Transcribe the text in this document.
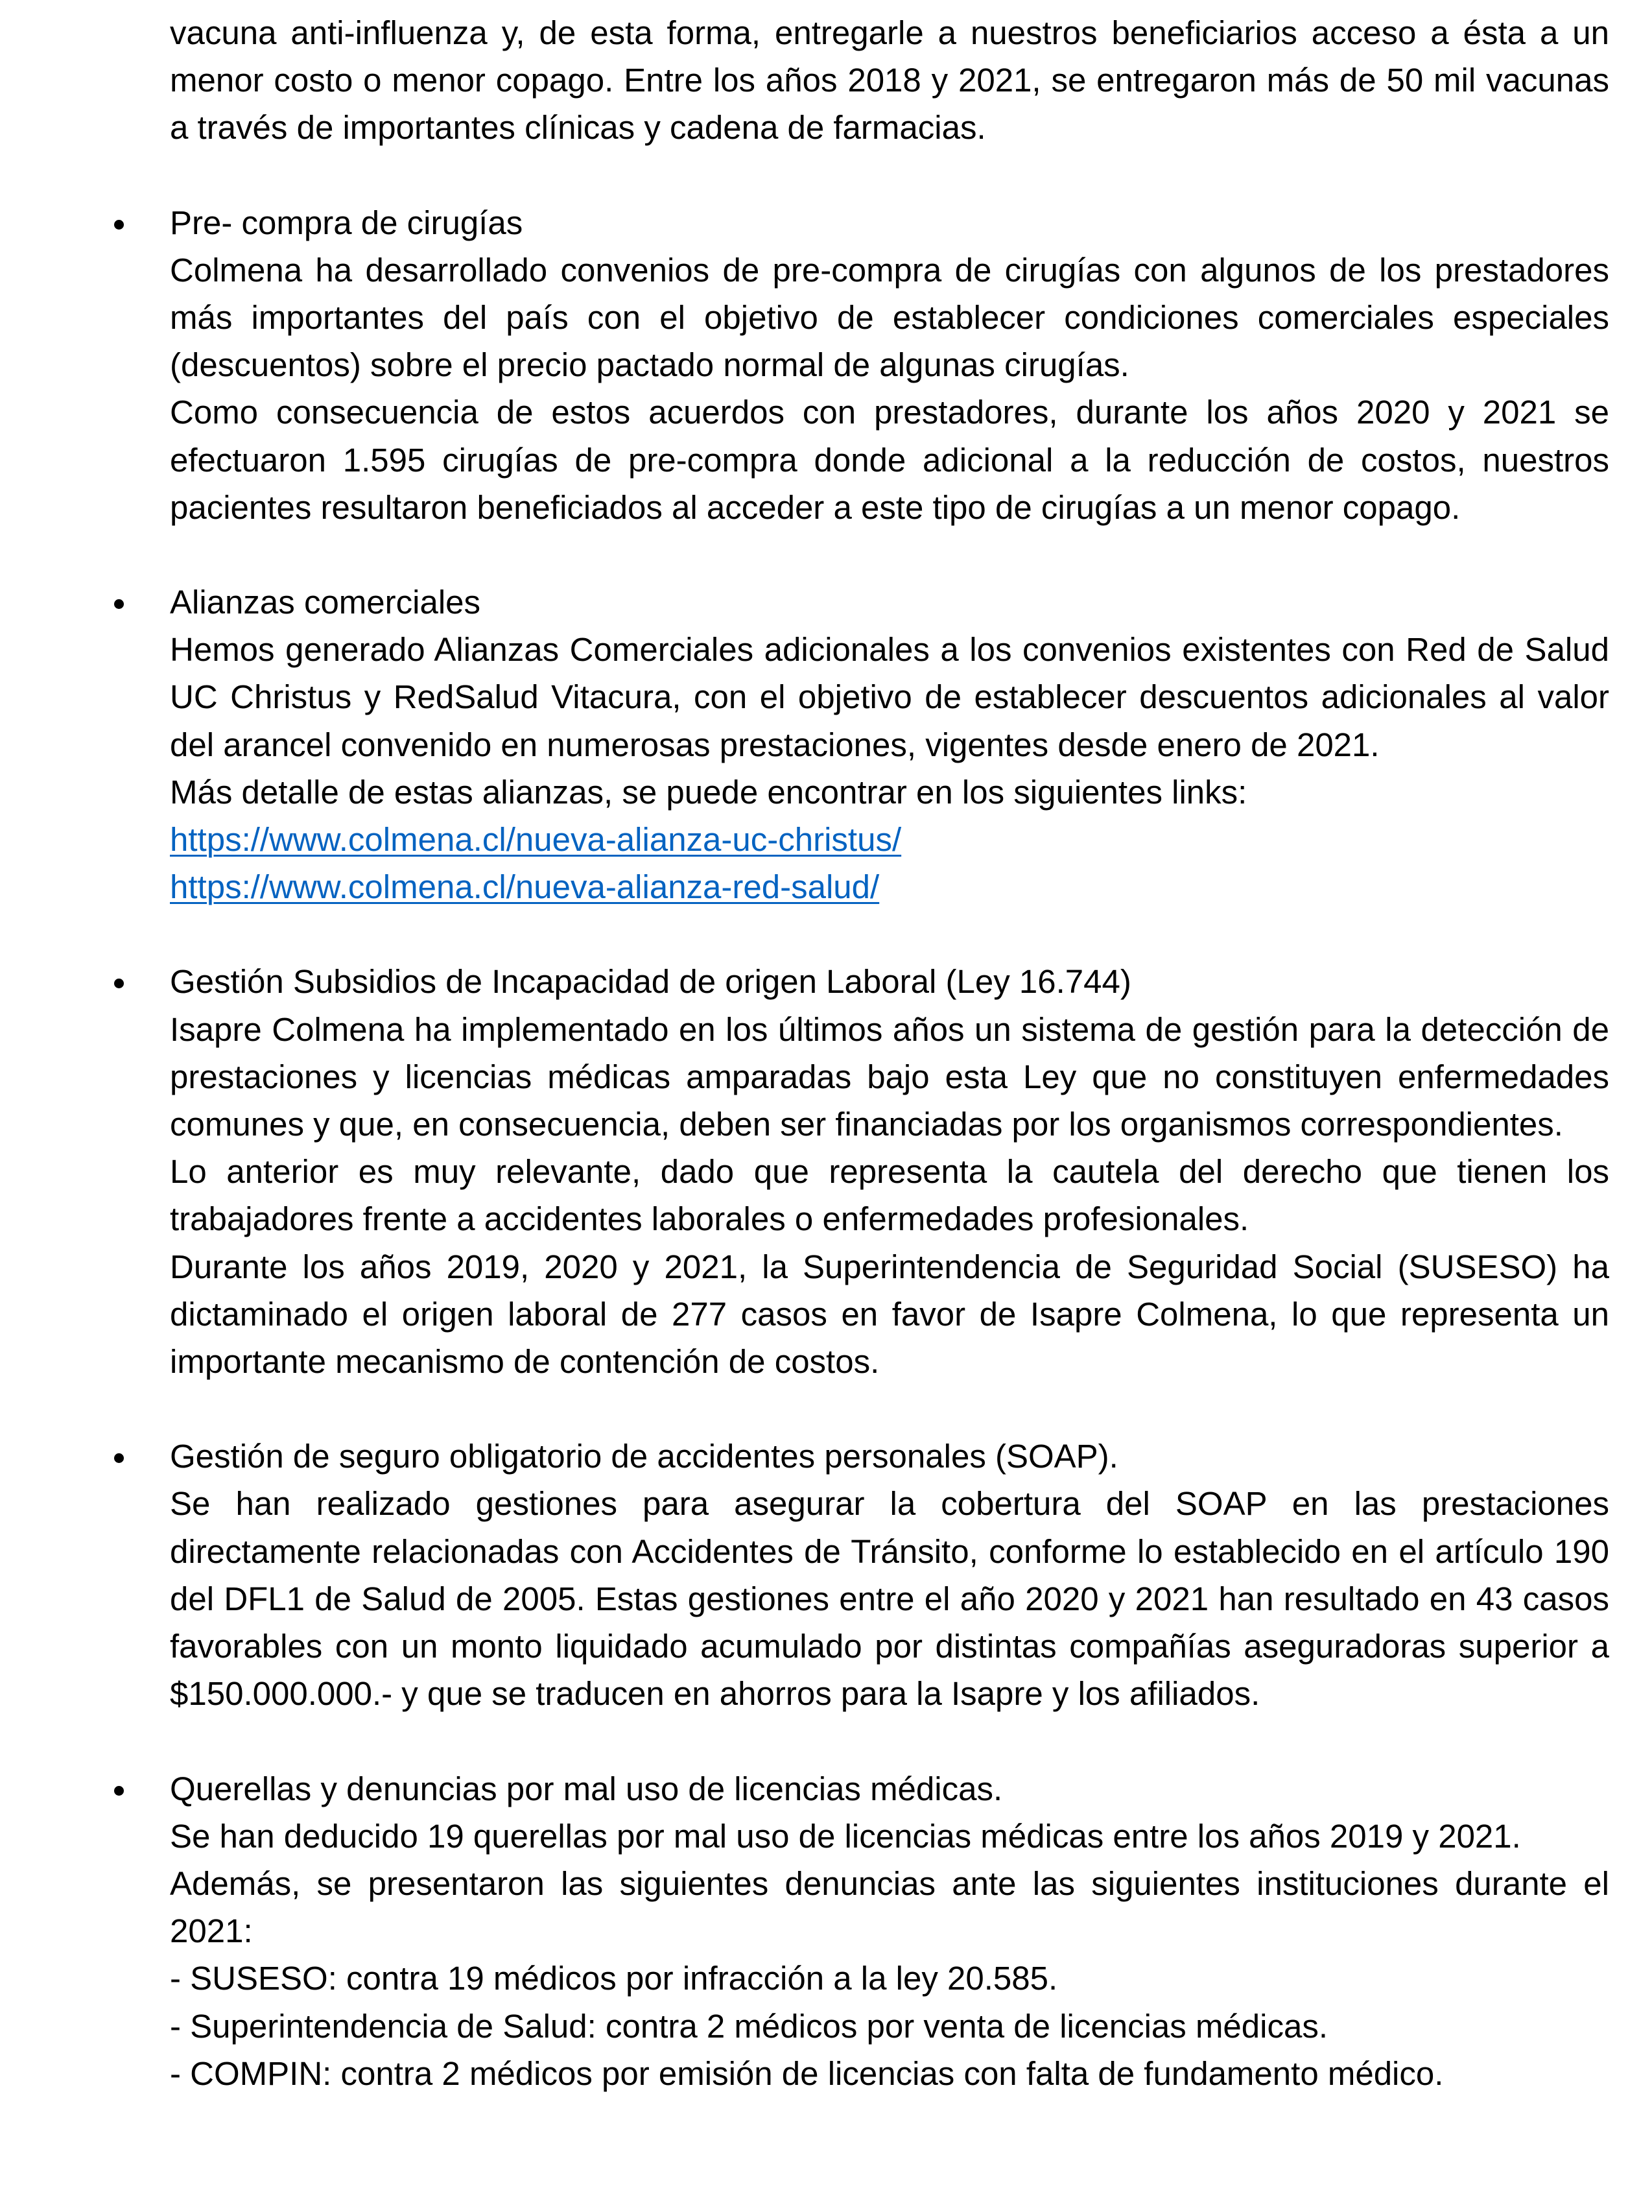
vacuna anti-influenza y, de esta forma, entregarle a nuestros beneficiarios acceso a ésta a un menor costo o menor copago. Entre los años 2018 y 2021, se entregaron más de 50 mil vacunas a través de importantes clínicas y cadena de farmacias.

Pre- compra de cirugías

Colmena ha desarrollado convenios de pre-compra de cirugías con algunos de los prestadores más importantes del país con el objetivo de establecer condiciones comerciales especiales (descuentos) sobre el precio pactado normal de algunas cirugías.

Como consecuencia de estos acuerdos con prestadores, durante los años 2020 y 2021 se efectuaron 1.595 cirugías de pre-compra donde adicional a la reducción de costos, nuestros pacientes resultaron beneficiados al acceder a este tipo de cirugías a un menor copago.

Alianzas comerciales

Hemos generado Alianzas Comerciales adicionales a los convenios existentes con Red de Salud UC Christus y RedSalud Vitacura, con el objetivo de establecer descuentos adicionales al valor del arancel convenido en numerosas prestaciones, vigentes desde enero de 2021.

Más detalle de estas alianzas, se puede encontrar en los siguientes links:

https://www.colmena.cl/nueva-alianza-uc-christus/
https://www.colmena.cl/nueva-alianza-red-salud/

Gestión Subsidios de Incapacidad de origen Laboral (Ley 16.744)

Isapre Colmena ha implementado en los últimos años un sistema de gestión para la detección de prestaciones y licencias médicas amparadas bajo esta Ley que no constituyen enfermedades comunes y que, en consecuencia, deben ser financiadas por los organismos correspondientes.

Lo anterior es muy relevante, dado que representa la cautela del derecho que tienen los trabajadores frente a accidentes laborales o enfermedades profesionales.

Durante los años 2019, 2020 y 2021, la Superintendencia de Seguridad Social (SUSESO) ha dictaminado el origen laboral de 277 casos en favor de Isapre Colmena, lo que representa un importante mecanismo de contención de costos.

Gestión de seguro obligatorio de accidentes personales (SOAP).

Se han realizado gestiones para asegurar la cobertura del SOAP en las prestaciones directamente relacionadas con Accidentes de Tránsito, conforme lo establecido en el artículo 190 del DFL1 de Salud de 2005. Estas gestiones entre el año 2020 y 2021 han resultado en 43 casos favorables con un monto liquidado acumulado por distintas compañías aseguradoras superior a $150.000.000.- y que se traducen en ahorros para la Isapre y los afiliados.

Querellas y denuncias por mal uso de licencias médicas.

Se han deducido 19 querellas por mal uso de licencias médicas entre los años 2019 y 2021.

Además, se presentaron las siguientes denuncias ante las siguientes instituciones durante el 2021:

- SUSESO: contra 19 médicos por infracción a la ley 20.585.

- Superintendencia de Salud: contra 2 médicos por venta de licencias médicas.

- COMPIN: contra 2 médicos por emisión de licencias con falta de fundamento médico.
